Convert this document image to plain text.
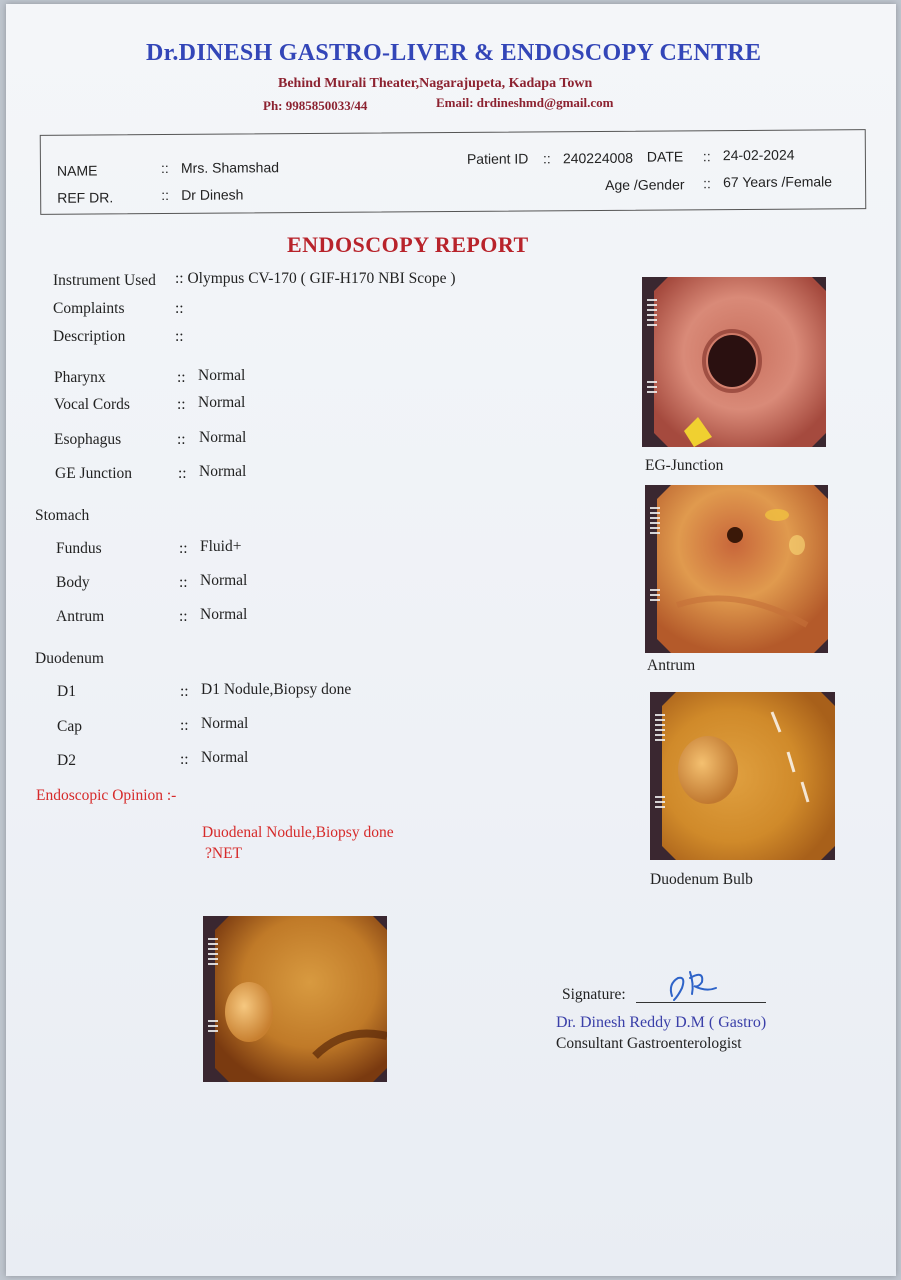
Dr.DINESH GASTRO-LIVER & ENDOSCOPY CENTRE
Behind Murali Theater,Nagarajupeta, Kadapa Town
Ph: 9985850033/44	Email: drdineshmd@gmail.com
NAME	:: Mrs. Shamshad
REF DR.	:: Dr Dinesh
Patient ID :: 240224008 DATE :: 24-02-2024
Age /Gender :: 67 Years /Female
ENDOSCOPY REPORT
Instrument Used :: Olympus CV-170 ( GIF-H170 NBI Scope )
Complaints	::
Description	::
Pharynx	:: Normal
Vocal Cords	:: Normal
Esophagus	:: Normal
GE Junction	:: Normal
Stomach
Fundus	:: Fluid+
Body	:: Normal
Antrum	:: Normal
Duodenum
D1	:: D1 Nodule,Biopsy done
Cap	:: Normal
D2	:: Normal
Endoscopic Opinion :-
Duodenal Nodule,Biopsy done
?NET
EG-Junction
Antrum
Duodenum Bulb
Signature:
Dr. Dinesh Reddy D.M ( Gastro)
Consultant Gastroenterologist
